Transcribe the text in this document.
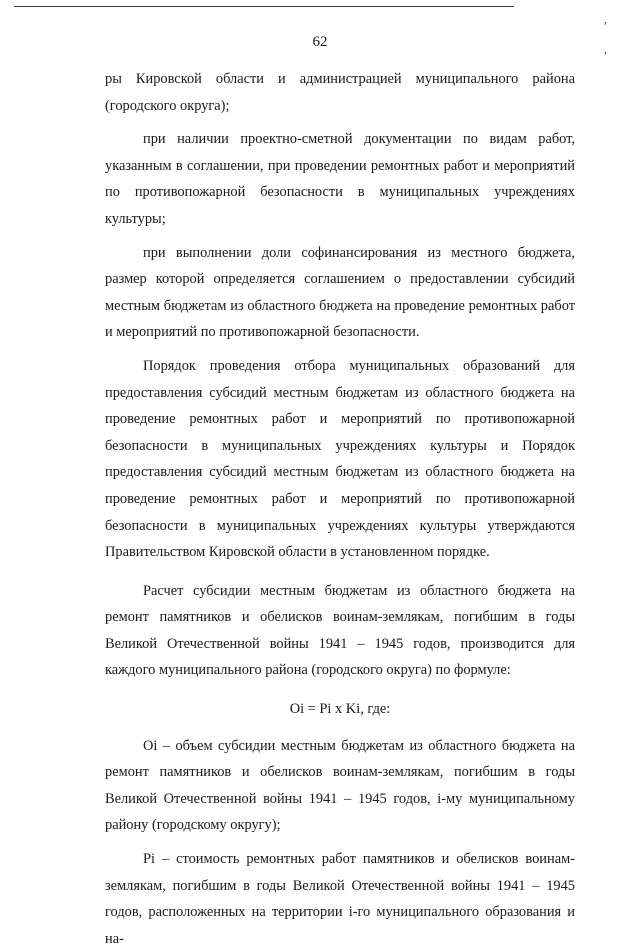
,
,
62

ры Кировской области и администрацией муниципального района (городского округа);

при наличии проектно-сметной документации по видам работ, указанным в соглашении, при проведении ремонтных работ и мероприятий по противопожарной безопасности в муниципальных учреждениях культуры;

при выполнении доли софинансирования из местного бюджета, размер которой определяется соглашением о предоставлении субсидий местным бюджетам из областного бюджета на проведение ремонтных работ и мероприятий по противопожарной безопасности.

Порядок проведения отбора муниципальных образований для предоставления субсидий местным бюджетам из областного бюджета на проведение ремонтных работ и мероприятий по противопожарной безопасности в муниципальных учреждениях культуры и Порядок предоставления субсидий местным бюджетам из областного бюджета на проведение ремонтных работ и мероприятий по противопожарной безопасности в муниципальных учреждениях культуры утверждаются Правительством Кировской области в установленном порядке.

Расчет субсидии местным бюджетам из областного бюджета на ремонт памятников и обелисков воинам-землякам, погибшим в годы Великой Отечественной войны 1941 – 1945 годов, производится для каждого муниципального района (городского округа) по формуле:

Oi = Pi x Ki, где:

Oi – объем субсидии местным бюджетам из областного бюджета на ремонт памятников и обелисков воинам-землякам, погибшим в годы Великой Отечественной войны 1941 – 1945 годов, i-му муниципальному району (городскому округу);

Pi – стоимость ремонтных работ памятников и обелисков воинам-землякам, погибшим в годы Великой Отечественной войны 1941 – 1945 годов, расположенных на территории i-го муниципального образования и на-
